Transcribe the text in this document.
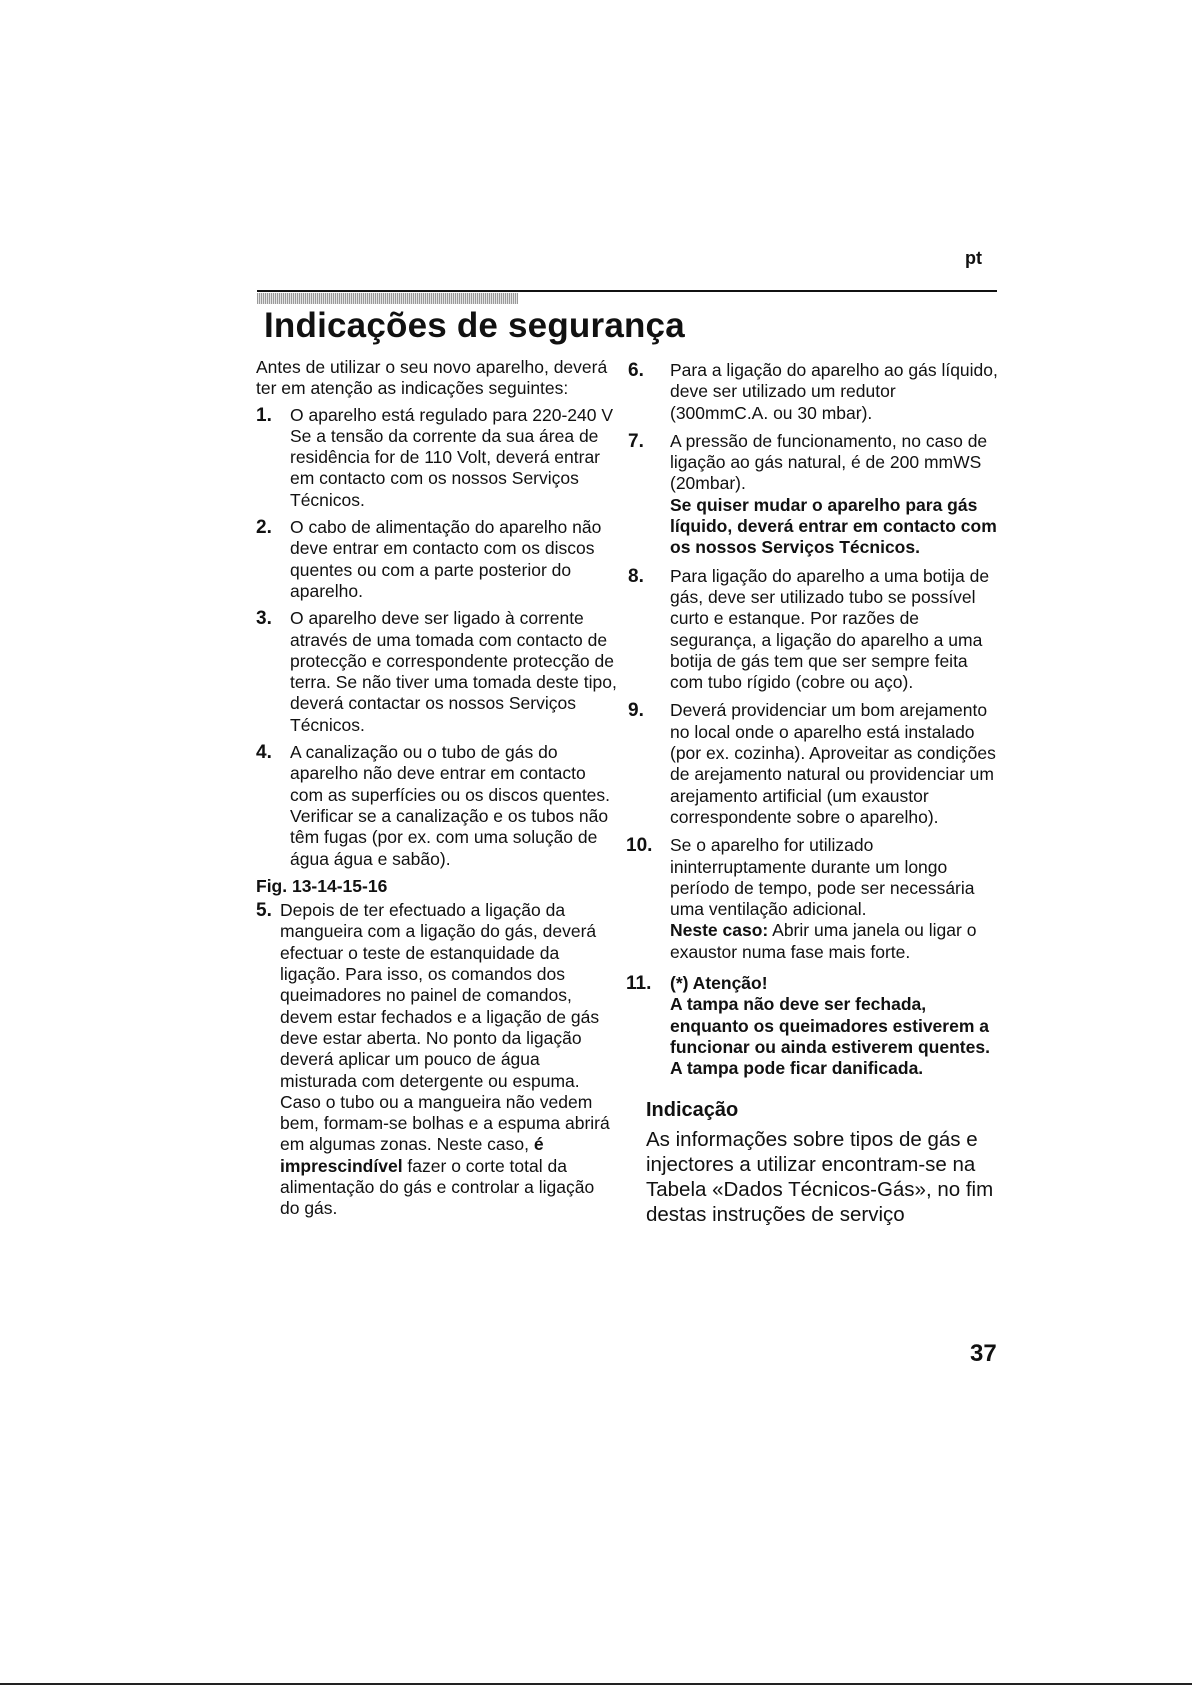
pt
Indicações de segurança

Antes de utilizar o seu novo aparelho, deverá ter em atenção as indicações seguintes:

1. O aparelho está regulado para 220-240 V Se a tensão da corrente da sua área de residência for de 110 Volt, deverá entrar em contacto com os nossos Serviços Técnicos.

2. O cabo de alimentação do aparelho não deve entrar em contacto com os discos quentes ou com a parte posterior do aparelho.

3. O aparelho deve ser ligado à corrente através de uma tomada com contacto de protecção e correspondente protecção de terra. Se não tiver uma tomada deste tipo, deverá contactar os nossos Serviços Técnicos.

4. A canalização ou o tubo de gás do aparelho não deve entrar em contacto com as superfícies ou os discos quentes. Verificar se a canalização e os tubos não têm fugas (por ex. com uma solução de água água e sabão).

Fig. 13-14-15-16
5. Depois de ter efectuado a ligação da mangueira com a ligação do gás, deverá efectuar o teste de estanquidade da ligação. Para isso, os comandos dos queimadores no painel de comandos, devem estar fechados e a ligação de gás deve estar aberta. No ponto da ligação deverá aplicar um pouco de água misturada com detergente ou espuma. Caso o tubo ou a mangueira não vedem bem, formam-se bolhas e a espuma abrirá em algumas zonas. Neste caso, é imprescindível fazer o corte total da alimentação do gás e controlar a ligação do gás.

6. Para a ligação do aparelho ao gás líquido, deve ser utilizado um redutor (300mmC.A. ou 30 mbar).

7. A pressão de funcionamento, no caso de ligação ao gás natural, é de 200 mmWS (20mbar).

Se quiser mudar o aparelho para gás líquido, deverá entrar em contacto com os nossos Serviços Técnicos.

8. Para ligação do aparelho a uma botija de gás, deve ser utilizado tubo se possível curto e estanque. Por razões de segurança, a ligação do aparelho a uma botija de gás tem que ser sempre feita com tubo rígido (cobre ou aço).

9. Deverá providenciar um bom arejamento no local onde o aparelho está instalado (por ex. cozinha). Aproveitar as condições de arejamento natural ou providenciar um arejamento artificial (um exaustor correspondente sobre o aparelho).

10. Se o aparelho for utilizado ininterruptamente durante um longo período de tempo, pode ser necessária uma ventilação adicional.

Neste caso: Abrir uma janela ou ligar o exaustor numa fase mais forte.

11. (*) Atenção!

A tampa não deve ser fechada, enquanto os queimadores estiverem a funcionar ou ainda estiverem quentes.

A tampa pode ficar danificada.

Indicação

As informações sobre tipos de gás e injectores a utilizar encontram-se na Tabela «Dados Técnicos-Gás», no fim destas instruções de serviço

37
